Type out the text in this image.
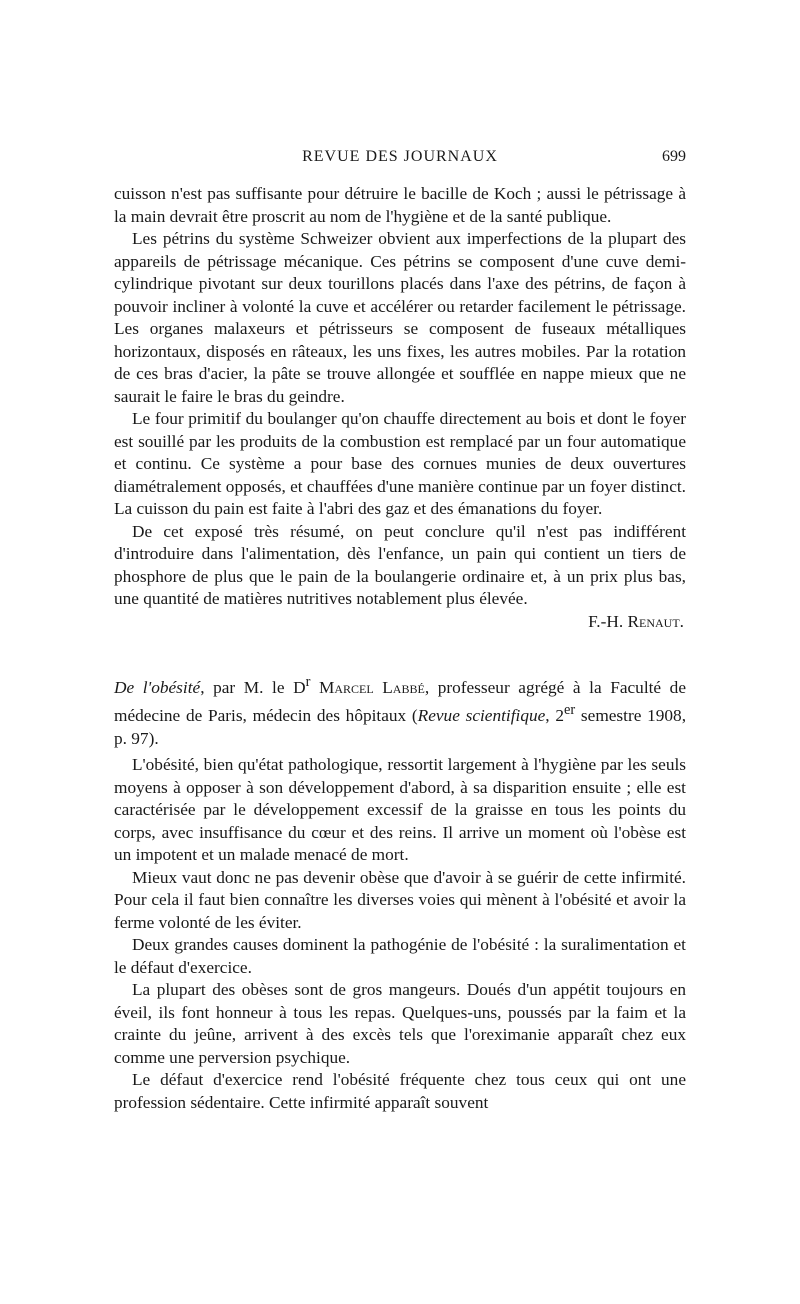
REVUE DES JOURNAUX	699

cuisson n'est pas suffisante pour détruire le bacille de Koch ; aussi le pétrissage à la main devrait être proscrit au nom de l'hygiène et de la santé publique.

Les pétrins du système Schweizer obvient aux imperfections de la plupart des appareils de pétrissage mécanique. Ces pétrins se composent d'une cuve demi-cylindrique pivotant sur deux tourillons placés dans l'axe des pétrins, de façon à pouvoir incliner à volonté la cuve et accélérer ou retarder facilement le pétrissage. Les organes malaxeurs et pétrisseurs se composent de fuseaux métalliques horizontaux, disposés en râteaux, les uns fixes, les autres mobiles. Par la rotation de ces bras d'acier, la pâte se trouve allongée et soufflée en nappe mieux que ne saurait le faire le bras du geindre.

Le four primitif du boulanger qu'on chauffe directement au bois et dont le foyer est souillé par les produits de la combustion est remplacé par un four automatique et continu. Ce système a pour base des cornues munies de deux ouvertures diamétralement opposés, et chauffées d'une manière continue par un foyer distinct. La cuisson du pain est faite à l'abri des gaz et des émanations du foyer.

De cet exposé très résumé, on peut conclure qu'il n'est pas indifférent d'introduire dans l'alimentation, dès l'enfance, un pain qui contient un tiers de phosphore de plus que le pain de la boulangerie ordinaire et, à un prix plus bas, une quantité de matières nutritives notablement plus élevée.

F.-H. Renaut.

De l'obésité, par M. le $D^r$ Marcel Labbé, professeur agrégé à la Faculté de médecine de Paris, médecin des hôpitaux (Revue scientifique, 2er semestre 1908, p. 97).

L'obésité, bien qu'état pathologique, ressortit largement à l'hygiène par les seuls moyens à opposer à son développement d'abord, à sa disparition ensuite ; elle est caractérisée par le développement excessif de la graisse en tous les points du corps, avec insuffisance du cœur et des reins. Il arrive un moment où l'obèse est un impotent et un malade menacé de mort.

Mieux vaut donc ne pas devenir obèse que d'avoir à se guérir de cette infirmité. Pour cela il faut bien connaître les diverses voies qui mènent à l'obésité et avoir la ferme volonté de les éviter.

Deux grandes causes dominent la pathogénie de l'obésité : la suralimentation et le défaut d'exercice.

La plupart des obèses sont de gros mangeurs. Doués d'un appétit toujours en éveil, ils font honneur à tous les repas. Quelques-uns, poussés par la faim et la crainte du jeûne, arrivent à des excès tels que l'oreximanie apparaît chez eux comme une perversion psychique.

Le défaut d'exercice rend l'obésité fréquente chez tous ceux qui ont une profession sédentaire. Cette infirmité apparaît souvent
